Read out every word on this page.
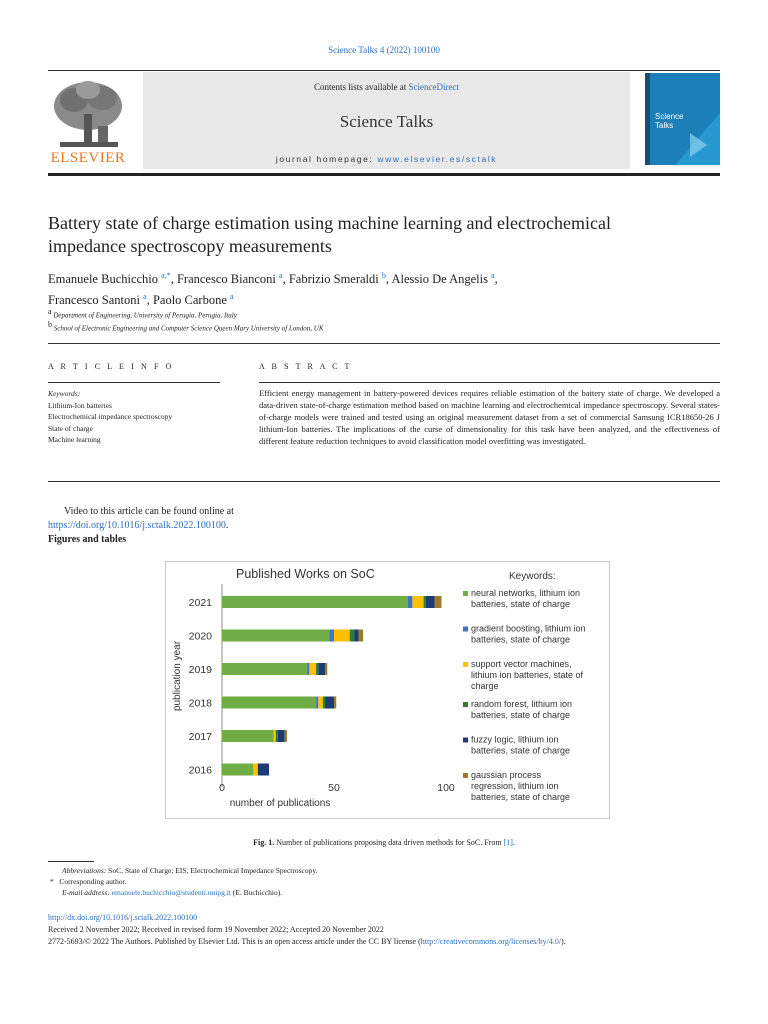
Science Talks 4 (2022) 100100
ELSEVIER
Contents lists available at ScienceDirect
Science Talks
journal homepage: www.elsevier.es/sctalk
Science Talks
Battery state of charge estimation using machine learning and electrochemical impedance spectroscopy measurements
Emanuele Buchicchio $^{a,*}$, Francesco Bianconi $^a$, Fabrizio Smeraldi $^b$, Alessio De Angelis $^a$,
Francesco Santoni $^a$, Paolo Carbone $^a$
$^a$ Department of Engineering, University of Perugia, Perugia, Italy
$^b$ School of Electronic Engineering and Computer Science Queen Mary University of London, UK
A R T I C L E I N F O	A B S T R A C T
Keywords:
Lithium-Ion batteries
Electrochemical impedance spectroscopy
State of charge
Machine learning
Efficient energy management in battery-powered devices requires reliable estimation of the battery state of charge. We developed a data-driven state-of-charge estimation method based on machine learning and electrochemical impedance spectroscopy. Several states-of-charge models were trained and tested using an original measurement dataset from a set of commercial Samsung ICR18650-26 J lithium-Ion batteries. The implications of the curse of dimensionality for this task have been analyzed, and the effectiveness of different feature reduction techniques to avoid classification model overfitting was investigated.
Video to this article can be found online at https://doi.org/10.1016/j.sctalk.2022.100100.
Figures and tables
Published Works on SoC
publication year
number of publications
Keywords:
2021
2020
2019
2018
2017
2016
0	50	100
neural networks, lithium ion
batteries, state of charge
gradient boosting, lithium ion
batteries, state of charge
support vector machines,
lithium ion batteries, state of
charge
random forest, lithium ion
batteries, state of charge
fuzzy logic, lithium ion
batteries, state of charge
gaussian process
regression, lithium ion
batteries, state of charge
Fig. 1. Number of publications proposing data driven methods for SoC. From [1].
Abbreviations: SoC, State of Charge; EIS, Electrochemical Impedance Spectroscopy.
* Corresponding author.
E-mail address: emanuele.buchicchio@studenti.unipg.it (E. Buchicchio).
http://dx.doi.org/10.1016/j.sctalk.2022.100100
Received 2 November 2022; Received in revised form 19 November 2022; Accepted 20 November 2022
2772-5693/© 2022 The Authors. Published by Elsevier Ltd. This is an open access article under the CC BY license (http://creativecommons.org/licenses/by/4.0/).
